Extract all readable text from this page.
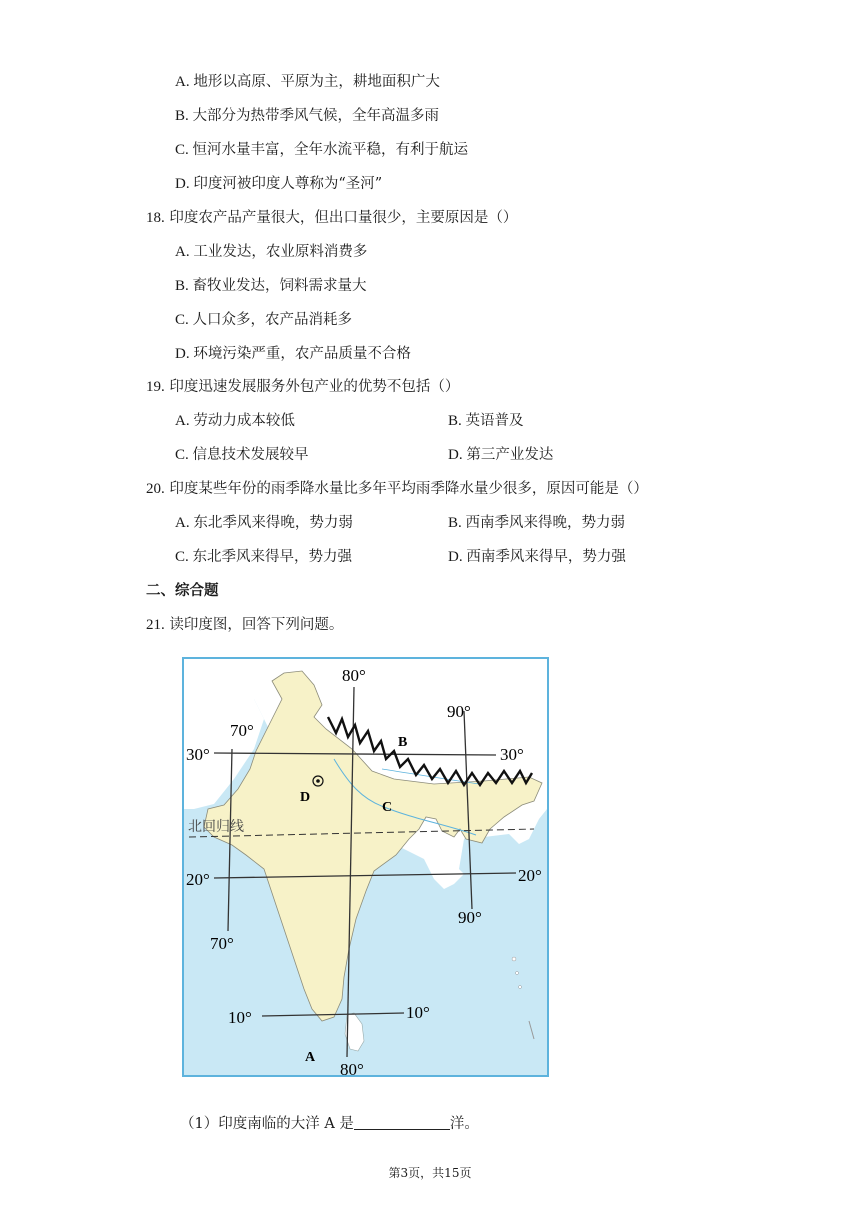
A. 地形以高原、平原为主，耕地面积广大
B. 大部分为热带季风气候，全年高温多雨
C. 恒河水量丰富，全年水流平稳，有利于航运
D. 印度河被印度人尊称为“圣河”
18. 印度农产品产量很大，但出口量很少，主要原因是（）
A. 工业发达，农业原料消费多
B. 畜牧业发达，饲料需求量大
C. 人口众多，农产品消耗多
D. 环境污染严重，农产品质量不合格
19. 印度迅速发展服务外包产业的优势不包括（）
A. 劳动力成本较低	B. 英语普及
C. 信息技术发展较早	D. 第三产业发达
20. 印度某些年份的雨季降水量比多年平均雨季降水量少很多，原因可能是（）
A. 东北季风来得晚，势力弱	B. 西南季风来得晚，势力弱
C. 东北季风来得早，势力强	D. 西南季风来得早，势力强
二、综合题
21. 读印度图，回答下列问题。
80°
70°
90°
30°	30°
20°	20°
90°
70°
10°	10°
80°
北回归线
B
C
D
A
（1）印度南临的大洋 A 是	洋。
第3页，共15页
